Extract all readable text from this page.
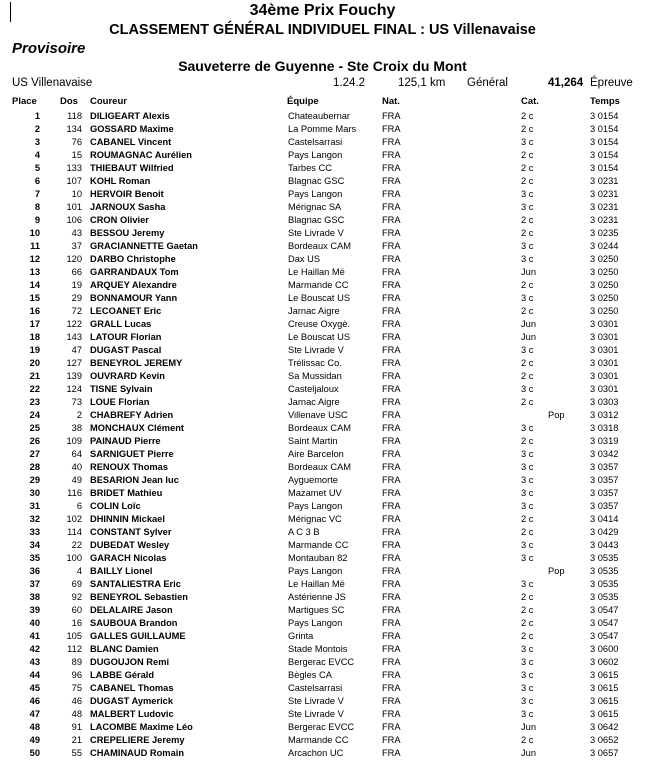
34ème Prix Fouchy
CLASSEMENT GÉNÉRAL INDIVIDUEL FINAL : US Villenavaise
Provisoire
Sauveterre de Guyenne - Ste Croix du Mont
US Villenavaise	1.24.2	125,1 km Général	41,264 Épreuve
Place Dos Coureur	Équipe	Nat.	Cat.	Temps
1	118 DILIGEART Alexis	Chateaubernar	FRA	2 c	3 0154
2	134 GOSSARD Maxime	La Pomme Mars	FRA	2 c	3 0154
3	76 CABANEL Vincent	Castelsarrasi	FRA	3 c	3 0154
4	15 ROUMAGNAC Aurélien	Pays Langon	FRA	2 c	3 0154
5	133 THIEBAUT Wilfried	Tarbes CC	FRA	2 c	3 0154
6	107 KOHL Roman	Blagnac GSC	FRA	2 c	3 0231
7	10 HERVOIR Benoit	Pays Langon	FRA	3 c	3 0231
8	101 JARNOUX Sasha	Mérignac SA	FRA	3 c	3 0231
9	106 CRON Olivier	Blagnac GSC	FRA	2 c	3 0231
10	43 BESSOU Jeremy	Ste Livrade V	FRA	2 c	3 0235
11	37 GRACIANNETTE Gaetan	Bordeaux CAM	FRA	3 c	3 0244
12	120 DARBO Christophe	Dax US	FRA	3 c	3 0250
13	66 GARRANDAUX Tom	Le Haillan Mé	FRA	Jun	3 0250
14	19 ARQUEY Alexandre	Marmande CC	FRA	2 c	3 0250
15	29 BONNAMOUR Yann	Le Bouscat US	FRA	3 c	3 0250
16	72 LECOANET Eric	Jarnac Aigre	FRA	2 c	3 0250
17	122 GRALL Lucas	Creuse Oxygè.	FRA	Jun	3 0301
18	143 LATOUR Florian	Le Bouscat US	FRA	Jun	3 0301
19	47 DUGAST Pascal	Ste Livrade V	FRA	3 c	3 0301
20	127 BENEYROL JEREMY	Trélissac Co.	FRA	2 c	3 0301
21	139 OUVRARD Kevin	Sa Mussidan	FRA	2 c	3 0301
22	124 TISNE Sylvain	Casteljaloux	FRA	3 c	3 0301
23	73 LOUE Florian	Jarnac Aigre	FRA	2 c	3 0303
24	2 CHABREFY Adrien	Villenave USC	FRA	Pop	3 0312
25	38 MONCHAUX Clément	Bordeaux CAM	FRA	3 c	3 0318
26	109 PAINAUD Pierre	Saint Martin	FRA	2 c	3 0319
27	64 SARNIGUET Pierre	Aire Barcelon	FRA	3 c	3 0342
28	40 RENOUX Thomas	Bordeaux CAM	FRA	3 c	3 0357
29	49 BESARION Jean luc	Ayguemorte	FRA	3 c	3 0357
30	116 BRIDET Mathieu	Mazamet UV	FRA	3 c	3 0357
31	6 COLIN Loïc	Pays Langon	FRA	3 c	3 0357
32	102 DHINNIN Mickael	Mérignac VC	FRA	2 c	3 0414
33	114 CONSTANT Sylver	A C 3 B	FRA	2 c	3 0429
34	22 DUBEDAT Wesley	Marmande CC	FRA	3 c	3 0443
35	100 GARACH Nicolas	Montauban 82	FRA	3 c	3 0535
36	4 BAILLY Lionel	Pays Langon	FRA	Pop	3 0535
37	69 SANTALIESTRA Eric	Le Haillan Mé	FRA	3 c	3 0535
38	92 BENEYROL Sebastien	Astérienne JS	FRA	2 c	3 0535
39	60 DELALAIRE Jason	Martigues SC	FRA	2 c	3 0547
40	16 SAUBOUA Brandon	Pays Langon	FRA	2 c	3 0547
41	105 GALLES GUILLAUME	Grinta	FRA	2 c	3 0547
42	112 BLANC Damien	Stade Montois	FRA	3 c	3 0600
43	89 DUGOUJON Remi	Bergerac EVCC	FRA	3 c	3 0602
44	96 LABBE Gérald	Bègles CA	FRA	3 c	3 0615
45	75 CABANEL Thomas	Castelsarrasi	FRA	3 c	3 0615
46	46 DUGAST Aymerick	Ste Livrade V	FRA	3 c	3 0615
47	48 MALBERT Ludovic	Ste Livrade V	FRA	3 c	3 0615
48	91 LACOMBE Maxime Léo	Bergerac EVCC	FRA	Jun	3 0642
49	21 CREPELIERE Jeremy	Marmande CC	FRA	2 c	3 0652
50	55 CHAMINAUD Romain	Arcachon UC	FRA	Jun	3 0657
